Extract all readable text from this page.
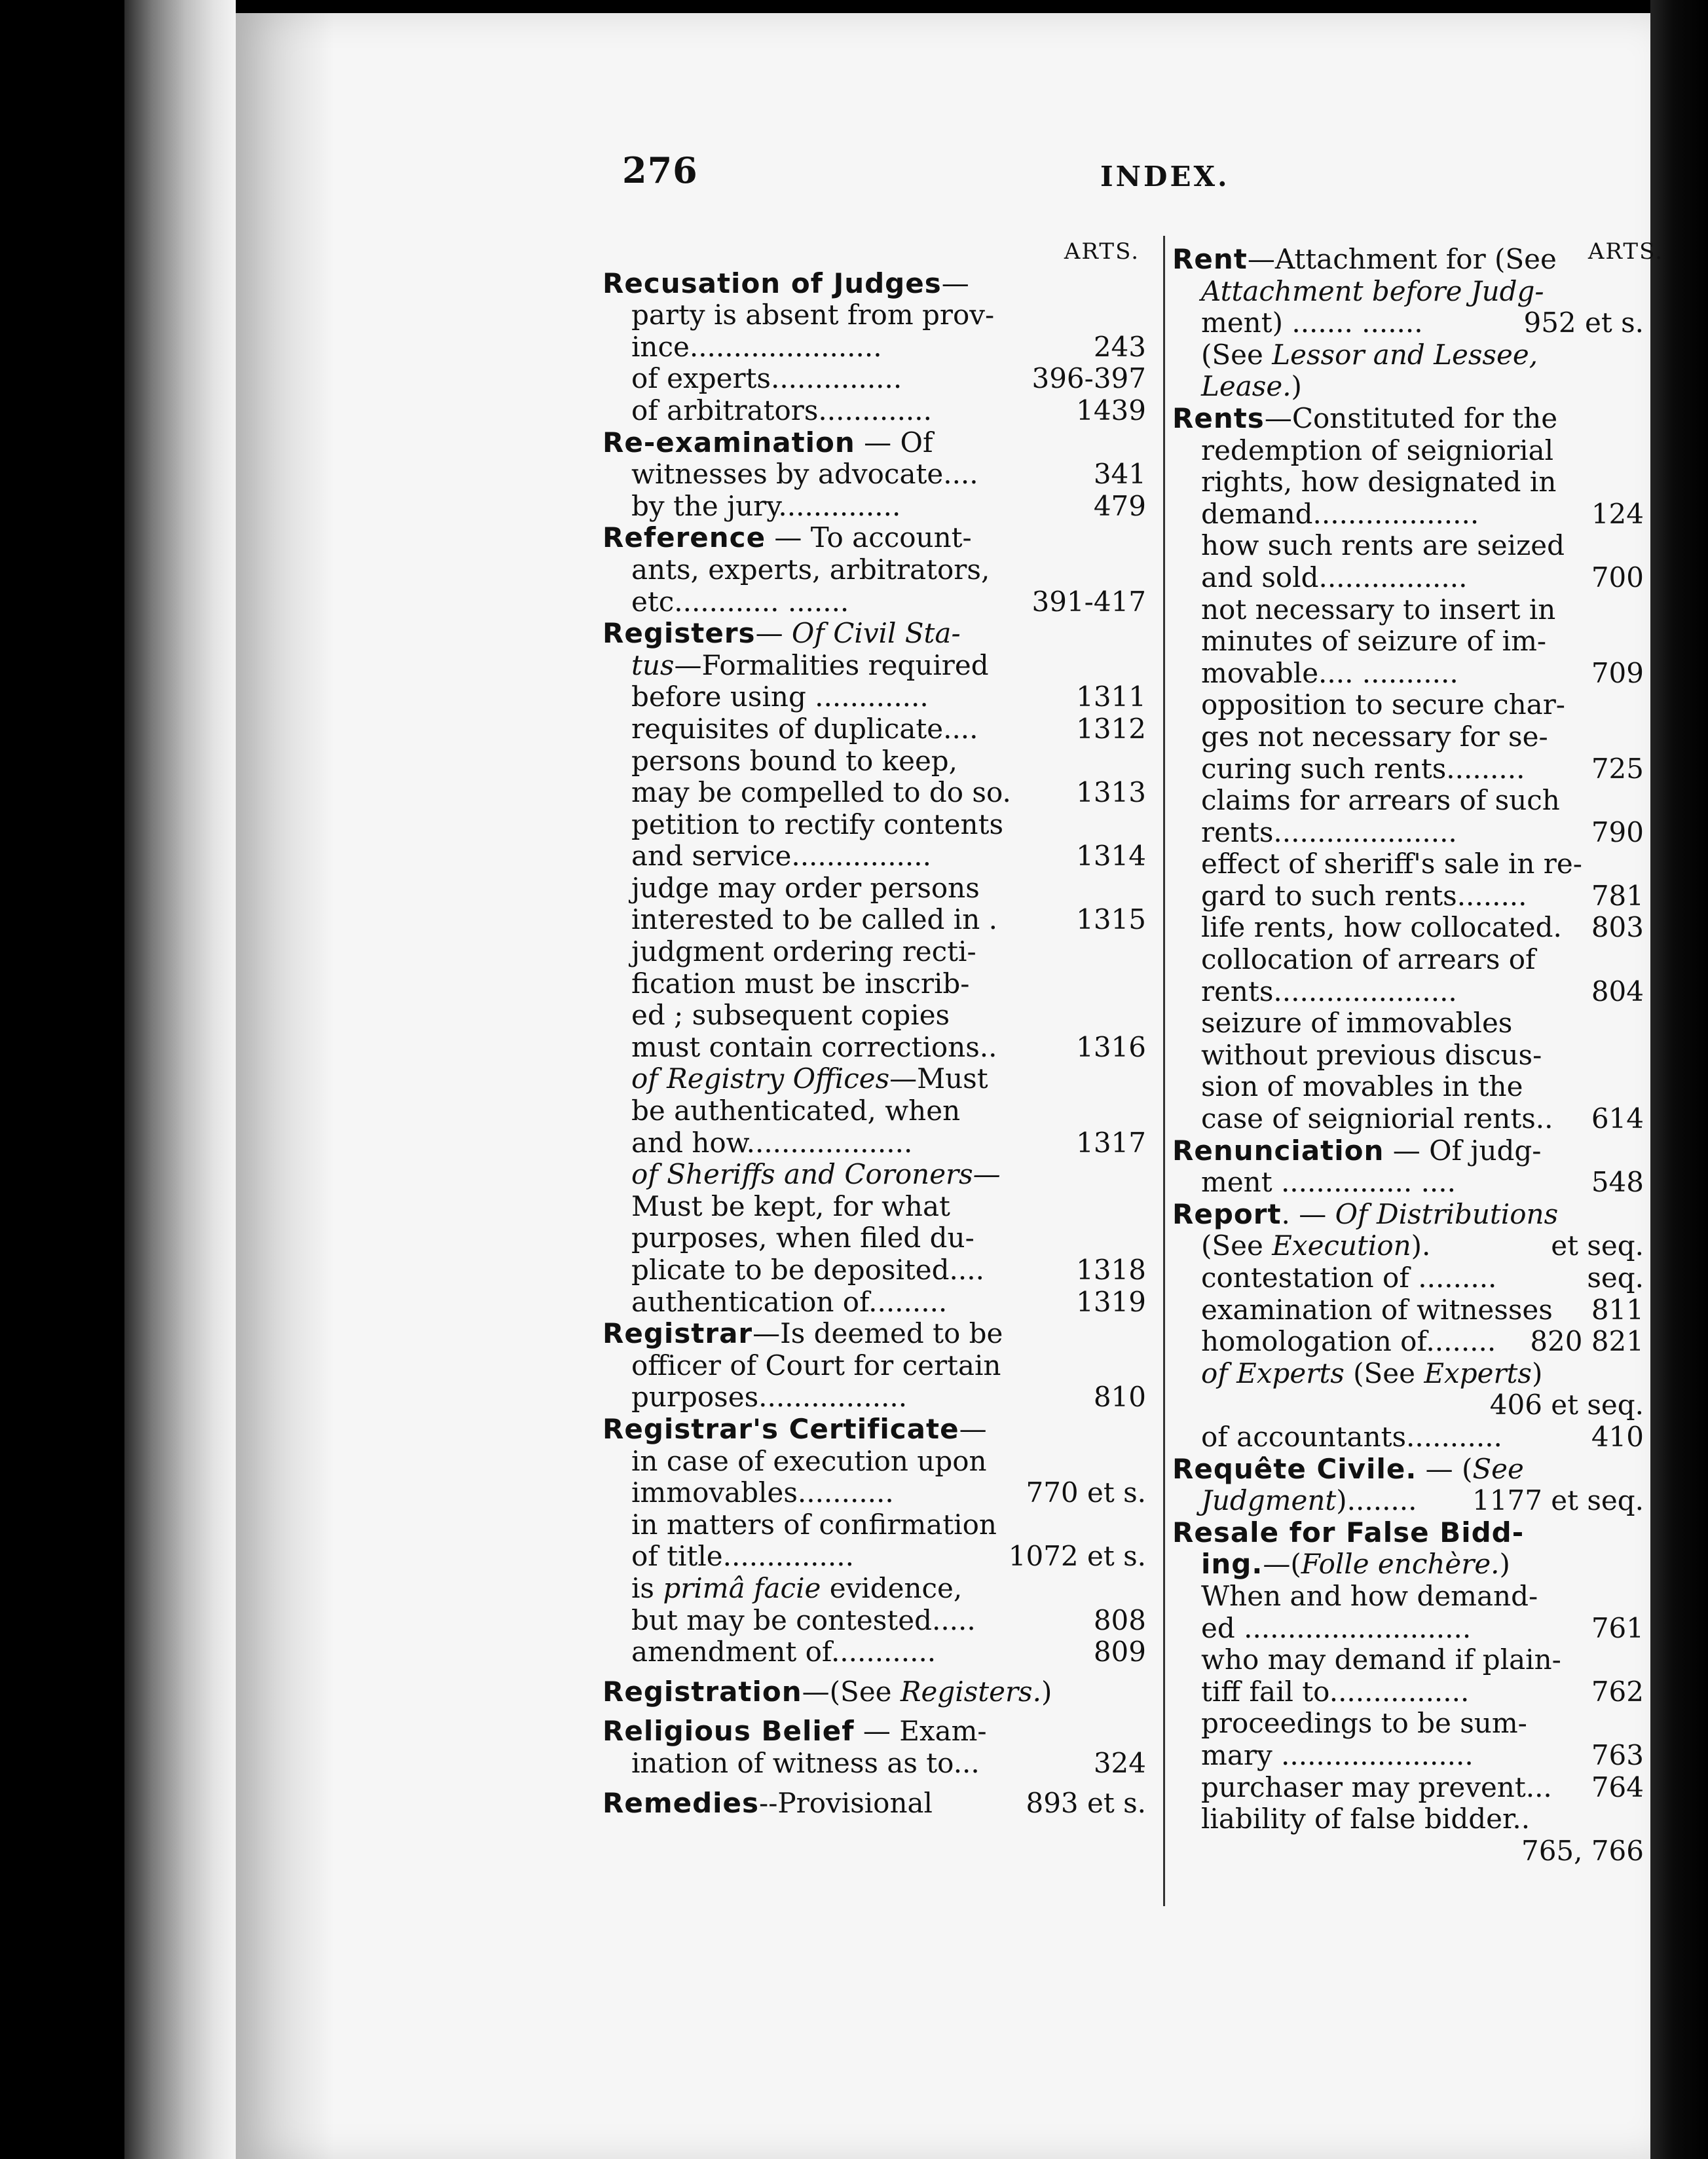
276	INDEX.
ARTS.
Recusation of Judges—
party is absent from prov-
243
ince......................
396-397
of experts...............
1439
of arbitrators.............
Re-examination — Of
341
witnesses by advocate....
479
by the jury..............
Reference — To account-
ants, experts, arbitrators,
391-417
etc............ .......
Registers— Of Civil Sta-
tus—Formalities required
1311
before using .............
1312
requisites of duplicate....
persons bound to keep,
1313
may be compelled to do so.
petition to rectify contents
1314
and service................
judge may order persons
1315
interested to be called in .
judgment ordering recti-
fication must be inscrib-
ed ; subsequent copies
1316
must contain corrections..
of Registry Offices—Must
be authenticated, when
1317
and how...................
of Sheriffs and Coroners—
Must be kept, for what
purposes, when filed du-
1318
plicate to be deposited....
1319
authentication of.........
Registrar—Is deemed to be
officer of Court for certain
810
purposes.................
Registrar's Certificate—
in case of execution upon
770 et s.
immovables...........
in matters of confirmation
1072 et s.
of title...............
is primâ facie evidence,
808
but may be contested.....
809
amendment of............
Registration—(See Registers.)
Religious Belief — Exam-
324
ination of witness as to...
893 et s.
Remedies--Provisional
ARTS.
Rent—Attachment for (See
Attachment before Judg-
952 et s.
ment) ....... .......
(See Lessor and Lessee,
Lease.)
Rents—Constituted for the
redemption of seigniorial
rights, how designated in
124
demand...................
how such rents are seized
700
and sold.................
not necessary to insert in
minutes of seizure of im-
709
movable.... ...........
opposition to secure char-
ges not necessary for se-
725
curing such rents.........
claims for arrears of such
790
rents.....................
effect of sheriff's sale in re-
781
gard to such rents........
803
life rents, how collocated.
collocation of arrears of
804
rents.....................
seizure of immovables
without previous discus-
sion of movables in the
614
case of seigniorial rents..
Renunciation — Of judg-
548
ment ............... ....
Report. — Of Distributions
et seq.
(See Execution).
seq.
contestation of .........
811
examination of witnesses
820 821
homologation of........
of Experts (See Experts)
406 et seq.
410
of accountants...........
Requête Civile. — (See
1177 et seq.
Judgment)........
Resale for False Bidd-
ing.—(Folle enchère.)
When and how demand-
761
ed ..........................
who may demand if plain-
762
tiff fail to................
proceedings to be sum-
763
mary ......................
764
purchaser may prevent...
liability of false bidder..
765, 766
